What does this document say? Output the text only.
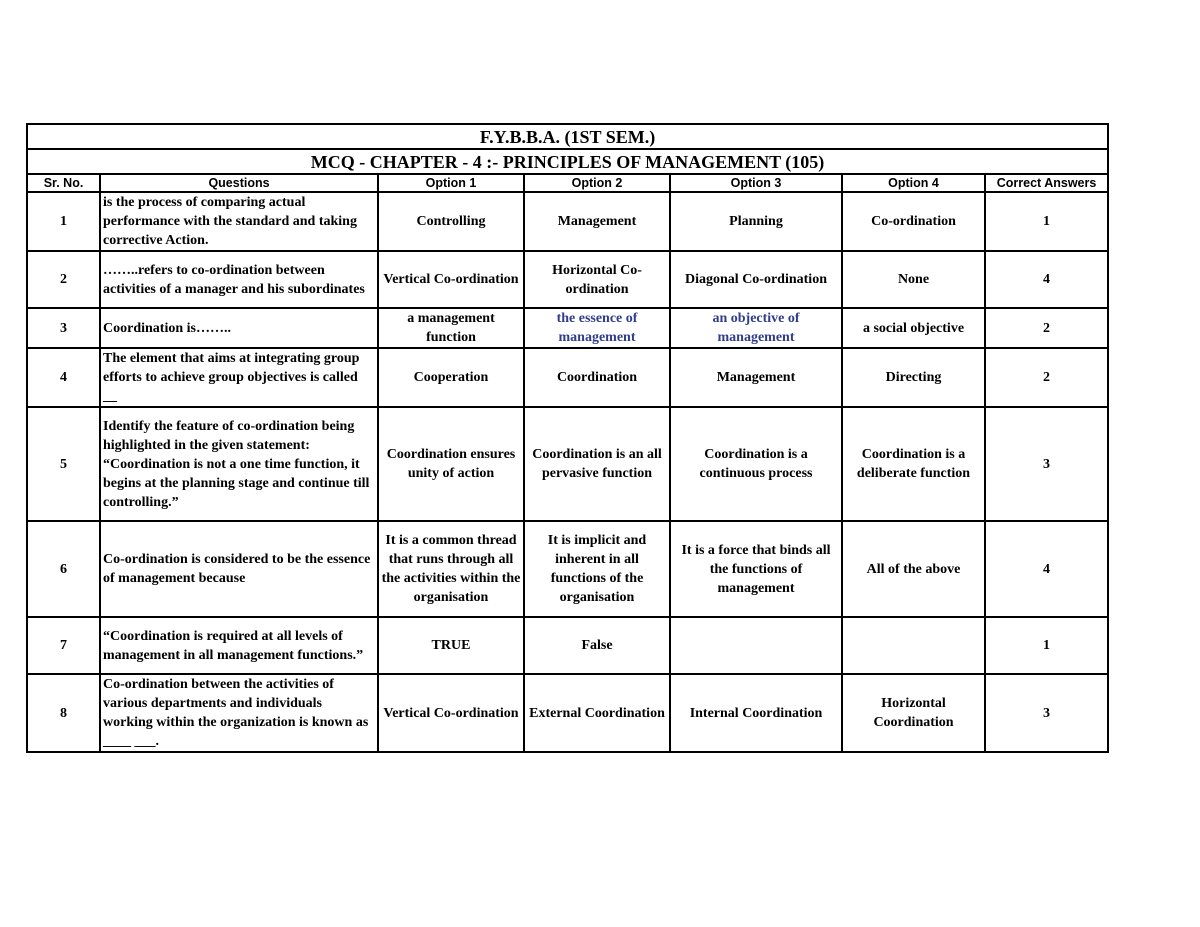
F.Y.B.B.A. (1ST SEM.)						
MCQ - CHAPTER - 4 :- PRINCIPLES OF MANAGEMENT (105)						
Sr. No.	Questions	Option 1	Option 2	Option 3	Option 4	Correct Answers
1	is the process of comparing actual performance with the standard and taking corrective Action.	Controlling	Management	Planning	Co-ordination	1
2	……..refers to co-ordination between activities of a manager and his subordinates	Vertical Co-ordination	Horizontal Co-ordination	Diagonal Co-ordination	None	4
3	Coordination is……..	a management function	the essence of management	an objective of management	a social objective	2
4	The element that aims at integrating group efforts to achieve group objectives is called __	Cooperation	Coordination	Management	Directing	2
5	Identify the feature of co-ordination being highlighted in the given statement: “Coordination is not a one time function, it begins at the planning stage and continue till controlling.”	Coordination ensures unity of action	Coordination is an all pervasive function	Coordination is a continuous process	Coordination is a deliberate function	3
6	Co-ordination is considered to be the essence of management because	It is a common thread that runs through all the activities within the organisation	It is implicit and inherent in all functions of the organisation	It is a force that binds all the functions of management	All of the above	4
7	“Coordination is required at all levels of management in all management functions.”	TRUE	False			1
8	Co-ordination between the activities of various departments and individuals working within the organization is known as ____ ___.	Vertical Co-ordination	External Coordination	Internal Coordination	Horizontal Coordination	3
